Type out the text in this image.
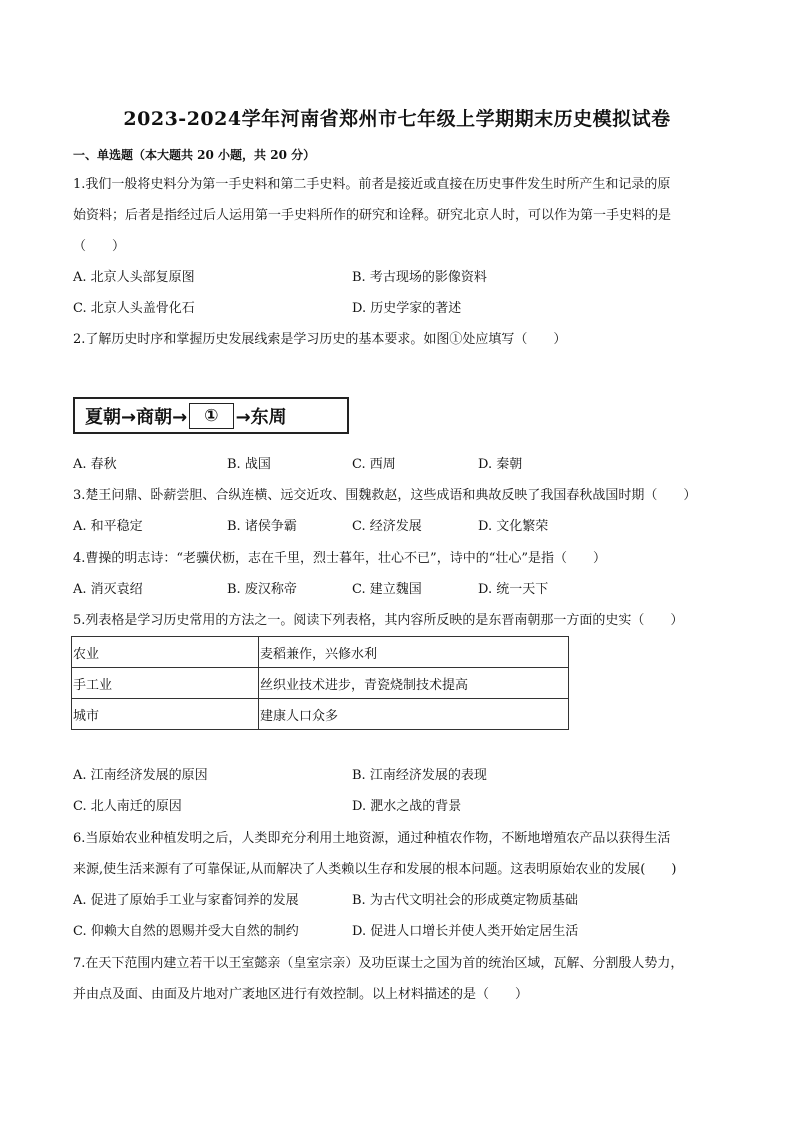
2023-2024学年河南省郑州市七年级上学期期末历史模拟试卷
一、单选题（本大题共 20 小题，共 20 分）
1.我们一般将史料分为第一手史料和第二手史料。前者是接近或直接在历史事件发生时所产生和记录的原
始资料；后者是指经过后人运用第一手史料所作的研究和诠释。研究北京人时，可以作为第一手史料的是
（　　）
A. 北京人头部复原图	B. 考古现场的影像资料
C. 北京人头盖骨化石	D. 历史学家的著述
2.了解历史时序和掌握历史发展线索是学习历史的基本要求。如图①处应填写（　　）
夏朝→商朝→	① →东周
A. 春秋	B. 战国	C. 西周	D. 秦朝
3.楚王问鼎、卧薪尝胆、合纵连横、远交近攻、围魏救赵，这些成语和典故反映了我国春秋战国时期（　　）
A. 和平稳定	B. 诸侯争霸	C. 经济发展	D. 文化繁荣
4.曹操的明志诗：“老骥伏枥，志在千里，烈士暮年，壮心不已”，诗中的“壮心”是指（　　）
A. 消灭袁绍	B. 废汉称帝	C. 建立魏国	D. 统一天下
5.列表格是学习历史常用的方法之一。阅读下列表格，其内容所反映的是东晋南朝那一方面的史实（　　）
农业	麦稻兼作，兴修水利
手工业	丝织业技术进步，青瓷烧制技术提高
城市	建康人口众多
A. 江南经济发展的原因	B. 江南经济发展的表现
C. 北人南迁的原因	D. 淝水之战的背景
6.当原始农业种植发明之后，人类即充分利用土地资源，通过种植农作物，不断地增殖农产品以获得生活
来源,使生活来源有了可靠保证,从而解决了人类赖以生存和发展的根本问题。这表明原始农业的发展(　　)
A. 促进了原始手工业与家畜饲养的发展	B. 为古代文明社会的形成奠定物质基础
C. 仰赖大自然的恩赐并受大自然的制约	D. 促进人口增长并使人类开始定居生活
7.在天下范围内建立若干以王室懿亲（皇室宗亲）及功臣谋士之国为首的统治区域，瓦解、分割殷人势力，
并由点及面、由面及片地对广袤地区进行有效控制。以上材料描述的是（　　）
